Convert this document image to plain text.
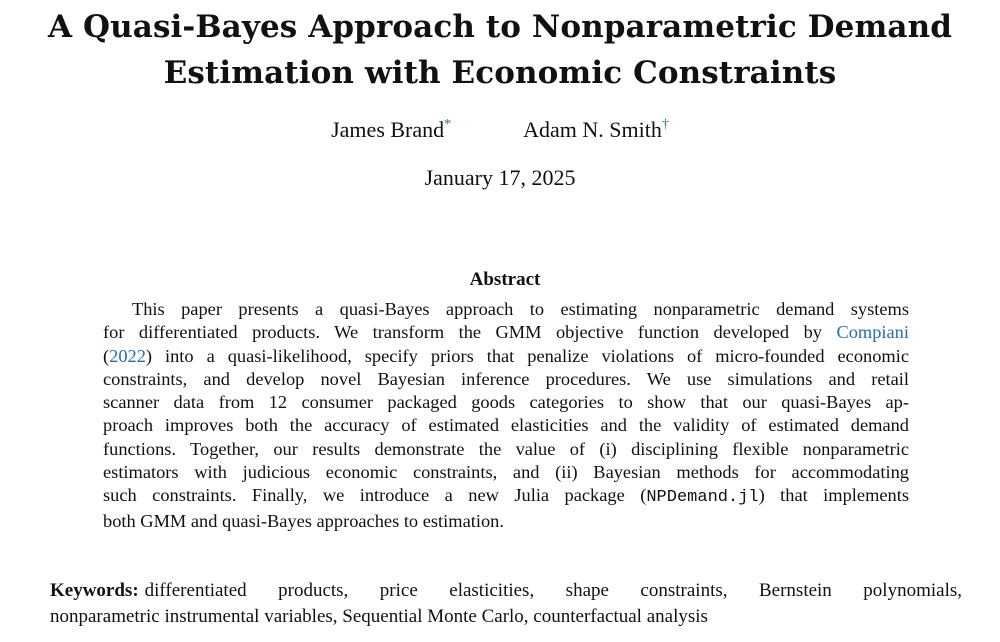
A Quasi-Bayes Approach to Nonparametric Demand
Estimation with Economic Constraints
James Brand*	Adam N. Smith†
January 17, 2025
Abstract
This paper presents a quasi-Bayes approach to estimating nonparametric demand systems
for differentiated products. We transform the GMM objective function developed by Compiani
(2022) into a quasi-likelihood, specify priors that penalize violations of micro-founded economic
constraints, and develop novel Bayesian inference procedures. We use simulations and retail
scanner data from 12 consumer packaged goods categories to show that our quasi-Bayes ap-
proach improves both the accuracy of estimated elasticities and the validity of estimated demand
functions. Together, our results demonstrate the value of (i) disciplining flexible nonparametric
estimators with judicious economic constraints, and (ii) Bayesian methods for accommodating
such constraints. Finally, we introduce a new Julia package (NPDemand.jl) that implements
both GMM and quasi-Bayes approaches to estimation.
Keywords: differentiated products, price elasticities, shape constraints, Bernstein polynomials,
nonparametric instrumental variables, Sequential Monte Carlo, counterfactual analysis
